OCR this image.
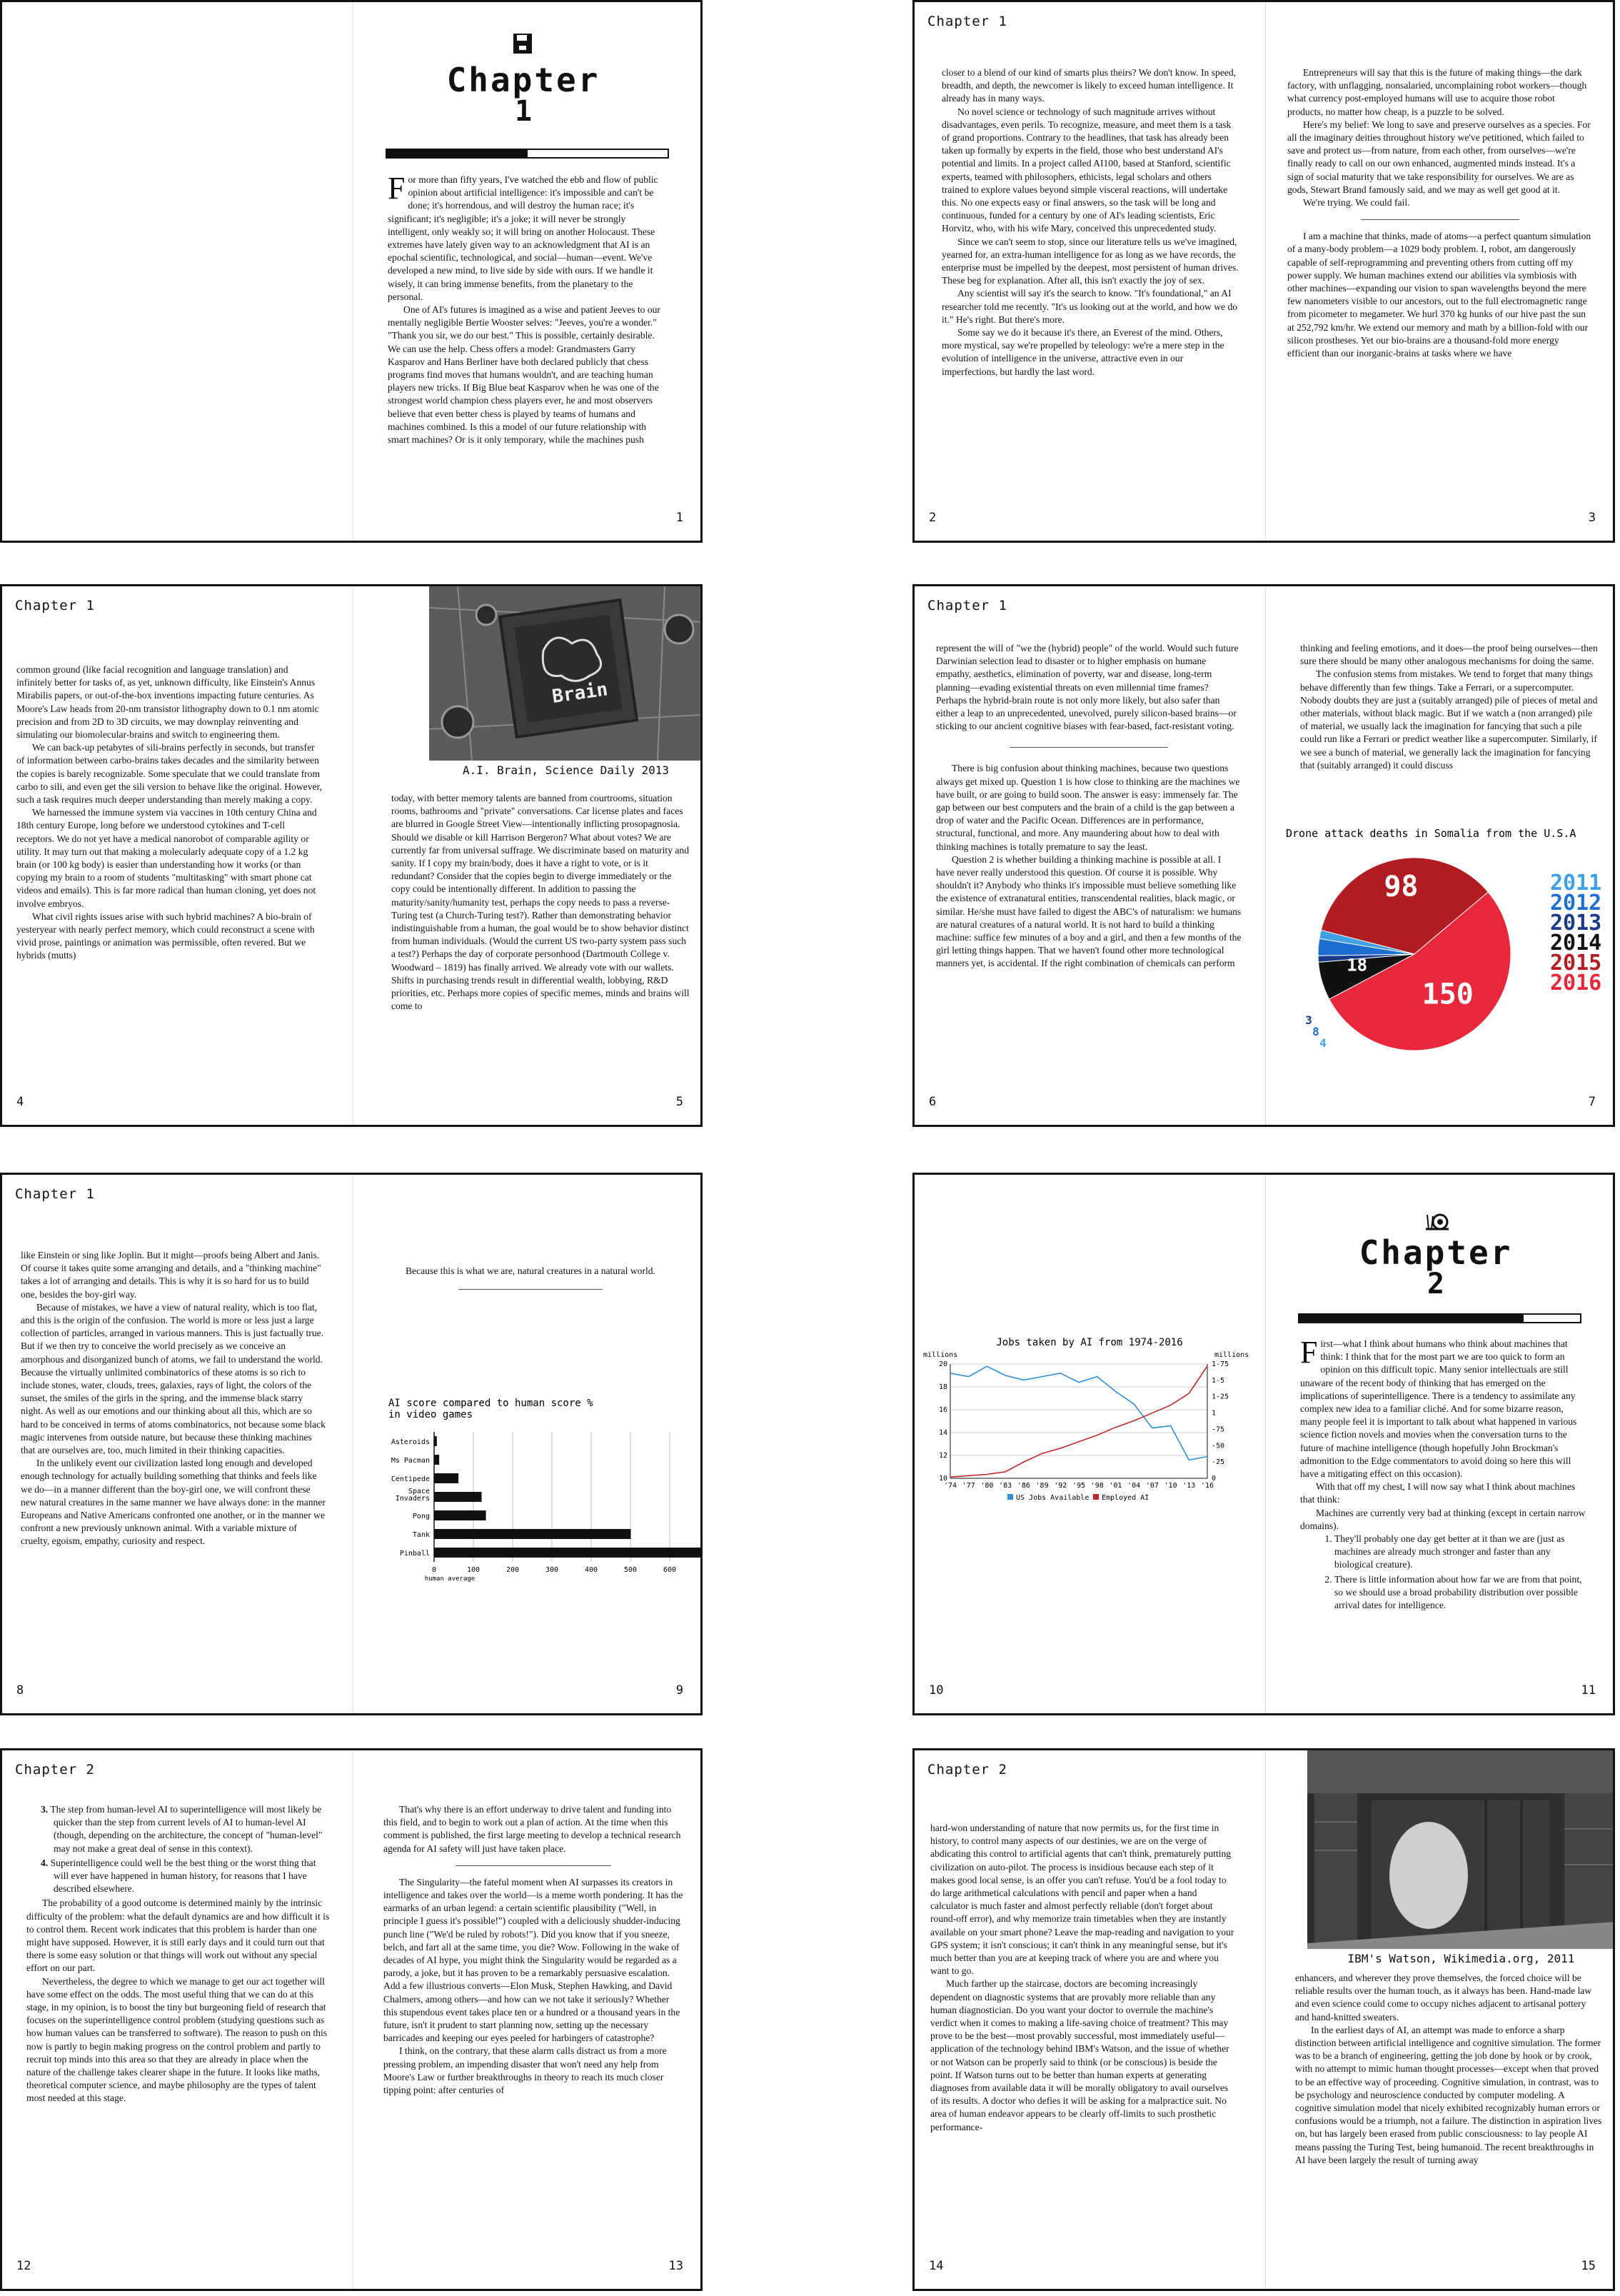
Chapter
1

For more than fifty years, I've watched the ebb and flow of public opinion about artificial intelligence: it's impossible and can't be done; it's horrendous, and will destroy the human race; it's significant; it's negligible; it's a joke; it will never be strongly intelligent, only weakly so; it will bring on another Holocaust. These extremes have lately given way to an acknowledgment that AI is an epochal scientific, technological, and social—human—event. We've developed a new mind, to live side by side with ours. If we handle it wisely, it can bring immense benefits, from the planetary to the personal.

One of AI's futures is imagined as a wise and patient Jeeves to our mentally negligible Bertie Wooster selves: "Jeeves, you're a wonder." "Thank you sir, we do our best." This is possible, certainly desirable. We can use the help. Chess offers a model: Grandmasters Garry Kasparov and Hans Berliner have both declared publicly that chess programs find moves that humans wouldn't, and are teaching human players new tricks. If Big Blue beat Kasparov when he was one of the strongest world champion chess players ever, he and most observers believe that even better chess is played by teams of humans and machines combined. Is this a model of our future relationship with smart machines? Or is it only temporary, while the machines push

1
Chapter 1

closer to a blend of our kind of smarts plus theirs? We don't know. In speed, breadth, and depth, the newcomer is likely to exceed human intelligence. It already has in many ways.

No novel science or technology of such magnitude arrives without disadvantages, even perils. To recognize, measure, and meet them is a task of grand proportions. Contrary to the headlines, that task has already been taken up formally by experts in the field, those who best understand AI's potential and limits. In a project called AI100, based at Stanford, scientific experts, teamed with philosophers, ethicists, legal scholars and others trained to explore values beyond simple visceral reactions, will undertake this. No one expects easy or final answers, so the task will be long and continuous, funded for a century by one of AI's leading scientists, Eric Horvitz, who, with his wife Mary, conceived this unprecedented study.

Since we can't seem to stop, since our literature tells us we've imagined, yearned for, an extra-human intelligence for as long as we have records, the enterprise must be impelled by the deepest, most persistent of human drives. These beg for explanation. After all, this isn't exactly the joy of sex.

Any scientist will say it's the search to know. "It's foundational," an AI researcher told me recently. "It's us looking out at the world, and how we do it." He's right. But there's more.

Some say we do it because it's there, an Everest of the mind. Others, more mystical, say we're propelled by teleology: we're a mere step in the evolution of intelligence in the universe, attractive even in our imperfections, but hardly the last word.

Entrepreneurs will say that this is the future of making things—the dark factory, with unflagging, nonsalaried, uncomplaining robot workers—though what currency post-employed humans will use to acquire those robot products, no matter how cheap, is a puzzle to be solved.

Here's my belief: We long to save and preserve ourselves as a species. For all the imaginary deities throughout history we've petitioned, which failed to save and protect us—from nature, from each other, from ourselves—we're finally ready to call on our own enhanced, augmented minds instead. It's a sign of social maturity that we take responsibility for ourselves. We are as gods, Stewart Brand famously said, and we may as well get good at it.

We're trying. We could fail.

I am a machine that thinks, made of atoms—a perfect quantum simulation of a many-body problem—a 1029 body problem. I, robot, am dangerously capable of self-reprogramming and preventing others from cutting off my power supply. We human machines extend our abilities via symbiosis with other machines—expanding our vision to span wavelengths beyond the mere few nanometers visible to our ancestors, out to the full electromagnetic range from picometer to megameter. We hurl 370 kg hunks of our hive past the sun at 252,792 km/hr. We extend our memory and math by a billion-fold with our silicon prostheses. Yet our bio-brains are a thousand-fold more energy efficient than our inorganic-brains at tasks where we have

2	3
Chapter 1

common ground (like facial recognition and language translation) and infinitely better for tasks of, as yet, unknown difficulty, like Einstein's Annus Mirabilis papers, or out-of-the-box inventions impacting future centuries. As Moore's Law heads from 20-nm transistor lithography down to 0.1 nm atomic precision and from 2D to 3D circuits, we may downplay reinventing and simulating our biomolecular-brains and switch to engineering them.

We can back-up petabytes of sili-brains perfectly in seconds, but transfer of information between carbo-brains takes decades and the similarity between the copies is barely recognizable. Some speculate that we could translate from carbo to sili, and even get the sili version to behave like the original. However, such a task requires much deeper understanding than merely making a copy.

We harnessed the immune system via vaccines in 10th century China and 18th century Europe, long before we understood cytokines and T-cell receptors. We do not yet have a medical nanorobot of comparable agility or utility. It may turn out that making a molecularly adequate copy of a 1.2 kg brain (or 100 kg body) is easier than understanding how it works (or than copying my brain to a room of students "multitasking" with smart phone cat videos and emails). This is far more radical than human cloning, yet does not involve embryos.

What civil rights issues arise with such hybrid machines? A bio-brain of yesteryear with nearly perfect memory, which could reconstruct a scene with vivid prose, paintings or animation was permissible, often revered. But we hybrids (mutts)

Brain
A.I. Brain, Science Daily 2013

today, with better memory talents are banned from courtrooms, situation rooms, bathrooms and "private" conversations. Car license plates and faces are blurred in Google Street View—intentionally inflicting prosopagnosia. Should we disable or kill Harrison Bergeron? What about votes? We are currently far from universal suffrage. We discriminate based on maturity and sanity. If I copy my brain/body, does it have a right to vote, or is it redundant? Consider that the copies begin to diverge immediately or the copy could be intentionally different. In addition to passing the maturity/sanity/humanity test, perhaps the copy needs to pass a reverse-Turing test (a Church-Turing test?). Rather than demonstrating behavior indistinguishable from a human, the goal would be to show behavior distinct from human individuals. (Would the current US two-party system pass such a test?) Perhaps the day of corporate personhood (Dartmouth College v. Woodward – 1819) has finally arrived. We already vote with our wallets. Shifts in purchasing trends result in differential wealth, lobbying, R&D priorities, etc. Perhaps more copies of specific memes, minds and brains will come to

4	5
Chapter 1

represent the will of "we the (hybrid) people" of the world. Would such future Darwinian selection lead to disaster or to higher emphasis on humane empathy, aesthetics, elimination of poverty, war and disease, long-term planning—evading existential threats on even millennial time frames? Perhaps the hybrid-brain route is not only more likely, but also safer than either a leap to an unprecedented, unevolved, purely silicon-based brains—or sticking to our ancient cognitive biases with fear-based, fact-resistant voting.

There is big confusion about thinking machines, because two questions always get mixed up. Question 1 is how close to thinking are the machines we have built, or are going to build soon. The answer is easy: immensely far. The gap between our best computers and the brain of a child is the gap between a drop of water and the Pacific Ocean. Differences are in performance, structural, functional, and more. Any maundering about how to deal with thinking machines is totally premature to say the least.

Question 2 is whether building a thinking machine is possible at all. I have never really understood this question. Of course it is possible. Why shouldn't it? Anybody who thinks it's impossible must believe something like the existence of extranatural entities, transcendental realities, black magic, or similar. He/she must have failed to digest the ABC's of naturalism: we humans are natural creatures of a natural world. It is not hard to build a thinking machine: suffice few minutes of a boy and a girl, and then a few months of the girl letting things happen. That we haven't found other more technological manners yet, is accidental. If the right combination of chemicals can perform

thinking and feeling emotions, and it does—the proof being ourselves—then sure there should be many other analogous mechanisms for doing the same.

The confusion stems from mistakes. We tend to forget that many things behave differently than few things. Take a Ferrari, or a supercomputer. Nobody doubts they are just a (suitably arranged) pile of pieces of metal and other materials, without black magic. But if we watch a (non arranged) pile of material, we usually lack the imagination for fancying that such a pile could run like a Ferrari or predict weather like a supercomputer. Similarly, if we see a bunch of material, we generally lack the imagination for fancying that (suitably arranged) it could discuss

Drone attack deaths in Somalia from the U.S.A
98
150
18
3
8
4
2011
2012
2013
2014
2015
2016
6	7
Chapter 1

like Einstein or sing like Joplin. But it might—proofs being Albert and Janis. Of course it takes quite some arranging and details, and a "thinking machine" takes a lot of arranging and details. This is why it is so hard for us to build one, besides the boy-girl way.

Because of mistakes, we have a view of natural reality, which is too flat, and this is the origin of the confusion. The world is more or less just a large collection of particles, arranged in various manners. This is just factually true. But if we then try to conceive the world precisely as we conceive an amorphous and disorganized bunch of atoms, we fail to understand the world. Because the virtually unlimited combinatorics of these atoms is so rich to include stones, water, clouds, trees, galaxies, rays of light, the colors of the sunset, the smiles of the girls in the spring, and the immense black starry night. As well as our emotions and our thinking about all this, which are so hard to be conceived in terms of atoms combinatorics, not because some black magic intervenes from outside nature, but because these thinking machines that are ourselves are, too, much limited in their thinking capacities.

In the unlikely event our civilization lasted long enough and developed enough technology for actually building something that thinks and feels like we do—in a manner different than the boy-girl one, we will confront these new natural creatures in the same manner we have always done: in the manner Europeans and Native Americans confronted one another, or in the manner we confront a new previously unknown animal. With a variable mixture of cruelty, egoism, empathy, curiosity and respect.

Because this is what we are, natural creatures in a natural world.

AI score compared to human score %
in video games
0	100	200	300	400	500	600
human average
Asteroids
Ms Pacman
Centipede
Space
Invaders
Pong
Tank
Pinball
8	9
Jobs taken by AI from 1974-2016
millions	millions
10
12
14
16
18
20
0
-25
-50
-75
1
1-25
1-5
1-75
'74 '77 '80 '83 '86 '89 '92 '95 '98 '01 '04 '07 '10 '13 '16
US Jobs Available Employed AI
Chapter
2

First—what I think about humans who think about machines that think: I think that for the most part we are too quick to form an opinion on this difficult topic. Many senior intellectuals are still unaware of the recent body of thinking that has emerged on the implications of superintelligence. There is a tendency to assimilate any complex new idea to a familiar cliché. And for some bizarre reason, many people feel it is important to talk about what happened in various science fiction novels and movies when the conversation turns to the future of machine intelligence (though hopefully John Brockman's admonition to the Edge commentators to avoid doing so here this will have a mitigating effect on this occasion).

With that off my chest, I will now say what I think about machines that think:

Machines are currently very bad at thinking (except in certain narrow domains).

1. They'll probably one day get better at it than we are (just as machines are already much stronger and faster than any biological creature).
2. There is little information about how far we are from that point, so we should use a broad probability distribution over possible arrival dates for intelligence.
10	11
Chapter 2
3. The step from human-level AI to superintelligence will most likely be quicker than the step from current levels of AI to human-level AI (though, depending on the architecture, the concept of "human-level" may not make a great deal of sense in this context).
4. Superintelligence could well be the best thing or the worst thing that will ever have happened in human history, for reasons that I have described elsewhere.

The probability of a good outcome is determined mainly by the intrinsic difficulty of the problem: what the default dynamics are and how difficult it is to control them. Recent work indicates that this problem is harder than one might have supposed. However, it is still early days and it could turn out that there is some easy solution or that things will work out without any special effort on our part.

Nevertheless, the degree to which we manage to get our act together will have some effect on the odds. The most useful thing that we can do at this stage, in my opinion, is to boost the tiny but burgeoning field of research that focuses on the superintelligence control problem (studying questions such as how human values can be transferred to software). The reason to push on this now is partly to begin making progress on the control problem and partly to recruit top minds into this area so that they are already in place when the nature of the challenge takes clearer shape in the future. It looks like maths, theoretical computer science, and maybe philosophy are the types of talent most needed at this stage.

That's why there is an effort underway to drive talent and funding into this field, and to begin to work out a plan of action. At the time when this comment is published, the first large meeting to develop a technical research agenda for AI safety will just have taken place.

The Singularity—the fateful moment when AI surpasses its creators in intelligence and takes over the world—is a meme worth pondering. It has the earmarks of an urban legend: a certain scientific plausibility ("Well, in principle I guess it's possible!") coupled with a deliciously shudder-inducing punch line ("We'd be ruled by robots!"). Did you know that if you sneeze, belch, and fart all at the same time, you die? Wow. Following in the wake of decades of AI hype, you might think the Singularity would be regarded as a parody, a joke, but it has proven to be a remarkably persuasive escalation. Add a few illustrious converts—Elon Musk, Stephen Hawking, and David Chalmers, among others—and how can we not take it seriously? Whether this stupendous event takes place ten or a hundred or a thousand years in the future, isn't it prudent to start planning now, setting up the necessary barricades and keeping our eyes peeled for harbingers of catastrophe?

I think, on the contrary, that these alarm calls distract us from a more pressing problem, an impending disaster that won't need any help from Moore's Law or further breakthroughs in theory to reach its much closer tipping point: after centuries of

12	13
Chapter 2

hard-won understanding of nature that now permits us, for the first time in history, to control many aspects of our destinies, we are on the verge of abdicating this control to artificial agents that can't think, prematurely putting civilization on auto-pilot. The process is insidious because each step of it makes good local sense, is an offer you can't refuse. You'd be a fool today to do large arithmetical calculations with pencil and paper when a hand calculator is much faster and almost perfectly reliable (don't forget about round-off error), and why memorize train timetables when they are instantly available on your smart phone? Leave the map-reading and navigation to your GPS system; it isn't conscious; it can't think in any meaningful sense, but it's much better than you are at keeping track of where you are and where you want to go.

Much farther up the staircase, doctors are becoming increasingly dependent on diagnostic systems that are provably more reliable than any human diagnostician. Do you want your doctor to overrule the machine's verdict when it comes to making a life-saving choice of treatment? This may prove to be the best—most provably successful, most immediately useful—application of the technology behind IBM's Watson, and the issue of whether or not Watson can be properly said to think (or be conscious) is beside the point. If Watson turns out to be better than human experts at generating diagnoses from available data it will be morally obligatory to avail ourselves of its results. A doctor who defies it will be asking for a malpractice suit. No area of human endeavor appears to be clearly off-limits to such prosthetic performance-

IBM's Watson, Wikimedia.org, 2011

enhancers, and wherever they prove themselves, the forced choice will be reliable results over the human touch, as it always has been. Hand-made law and even science could come to occupy niches adjacent to artisanal pottery and hand-knitted sweaters.

In the earliest days of AI, an attempt was made to enforce a sharp distinction between artificial intelligence and cognitive simulation. The former was to be a branch of engineering, getting the job done by hook or by crook, with no attempt to mimic human thought processes—except when that proved to be an effective way of proceeding. Cognitive simulation, in contrast, was to be psychology and neuroscience conducted by computer modeling. A cognitive simulation model that nicely exhibited recognizably human errors or confusions would be a triumph, not a failure. The distinction in aspiration lives on, but has largely been erased from public consciousness: to lay people AI means passing the Turing Test, being humanoid. The recent breakthroughs in AI have been largely the result of turning away

14	15
